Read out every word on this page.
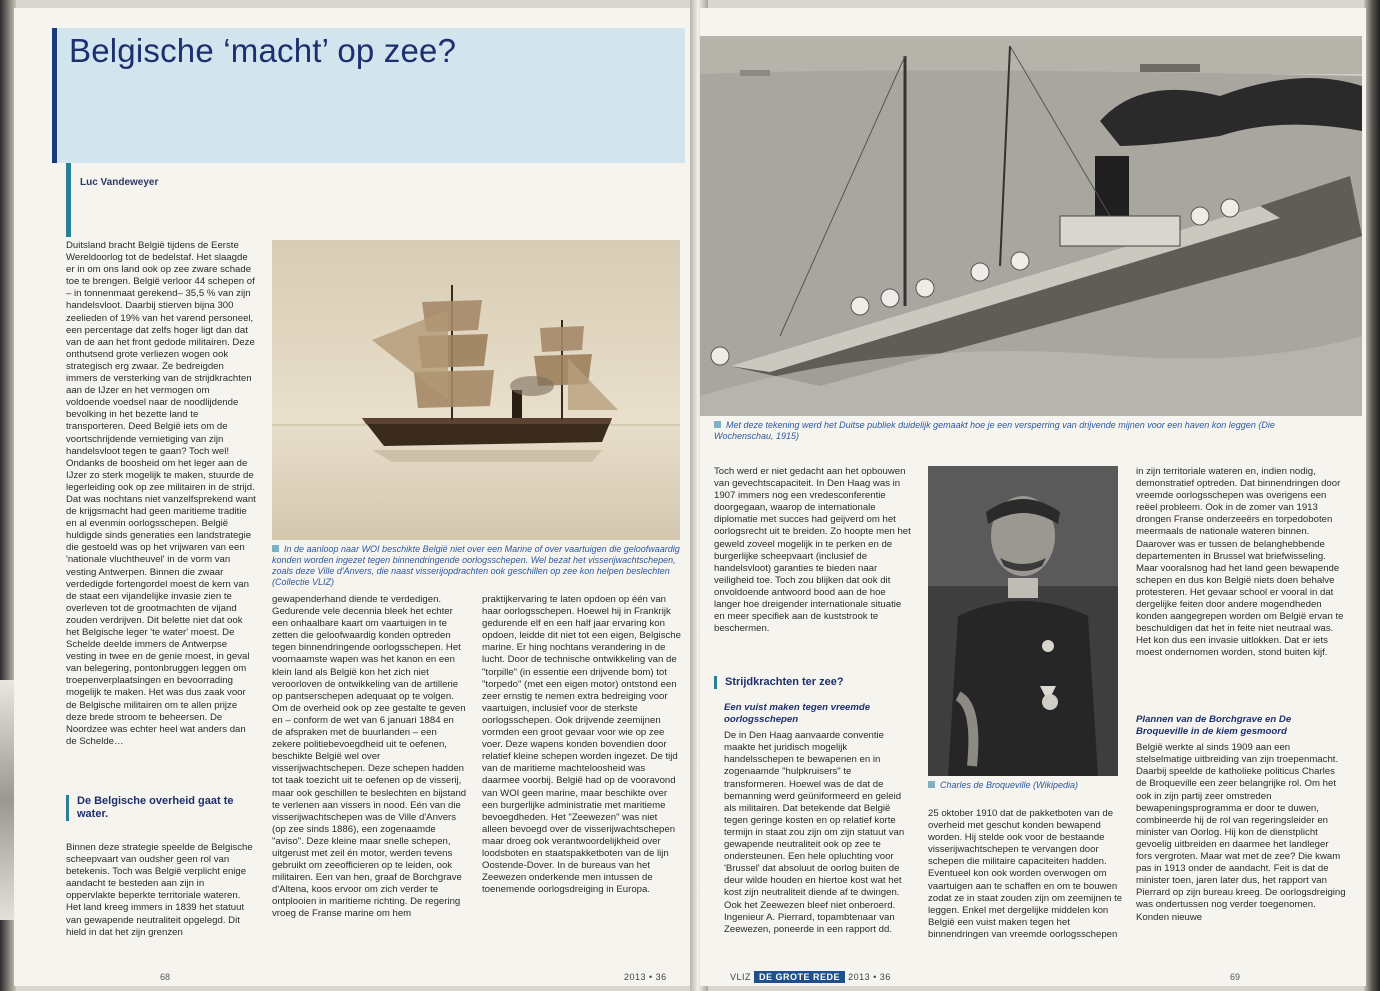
Belgische ‘macht’ op zee?
Luc Vandeweyer

Duitsland bracht België tijdens de Eerste Wereldoorlog tot de bedelstaf. Het slaagde er in om ons land ook op zee zware schade toe te brengen. België verloor 44 schepen of – in tonnenmaat gerekend– 35,5 % van zijn handelsvloot. Daarbij stierven bijna 300 zeelieden of 19% van het varend personeel, een percentage dat zelfs hoger ligt dan dat van de aan het front gedode militairen. Deze onthutsend grote verliezen wogen ook strategisch erg zwaar. Ze bedreigden immers de versterking van de strijdkrachten aan de IJzer en het vermogen om voldoende voedsel naar de noodlijdende bevolking in het bezette land te transporteren. Deed België iets om de voortschrijdende vernietiging van zijn handelsvloot tegen te gaan? Toch wel! Ondanks de boosheid om het leger aan de IJzer zo sterk mogelijk te maken, stuurde de legerleiding ook op zee militairen in de strijd. Dat was nochtans niet vanzelfsprekend want de krijgsmacht had geen maritieme traditie en al evenmin oorlogsschepen. België huldigde sinds generaties een landstrategie die gestoeld was op het vrijwaren van een 'nationale vluchtheuvel' in de vorm van vesting Antwerpen. Binnen die zwaar verdedigde fortengordel moest de kern van de staat een vijandelijke invasie zien te overleven tot de grootmachten de vijand zouden verdrijven. Dit belette niet dat ook het Belgische leger 'te water' moest. De Schelde deelde immers de Antwerpse vesting in twee en de genie moest, in geval van belegering, pontonbruggen leggen om troepenverplaatsingen en bevoorrading mogelijk te maken. Het was dus zaak voor de Belgische militairen om te allen prijze deze brede stroom te beheersen. De Noordzee was echter heel wat anders dan de Schelde…

De Belgische overheid gaat te water.

Binnen deze strategie speelde de Belgische scheepvaart van oudsher geen rol van betekenis. Toch was België verplicht enige aandacht te besteden aan zijn in oppervlakte beperkte territoriale wateren. Het land kreeg immers in 1839 het statuut van gewapende neutraliteit opgelegd. Dit hield in dat het zijn grenzen

In de aanloop naar WOI beschikte België niet over een Marine of over vaartuigen die geloofwaardig konden worden ingezet tegen binnendringende oorlogsschepen. Wel bezat het visserijwachtschepen, zoals deze Ville d'Anvers, die naast visserijopdrachten ook geschillen op zee kon helpen beslechten (Collectie VLIZ)

gewapenderhand diende te verdedigen. Gedurende vele decennia bleek het echter een onhaalbare kaart om vaartuigen in te zetten die geloofwaardig konden optreden tegen binnendringende oorlogsschepen. Het voornaamste wapen was het kanon en een klein land als België kon het zich niet veroorloven de ontwikkeling van de artillerie op pantserschepen adequaat op te volgen. Om de overheid ook op zee gestalte te geven en – conform de wet van 6 januari 1884 en de afspraken met de buurlanden – een zekere politiebevoegdheid uit te oefenen, beschikte België wel over visserijwachtschepen. Deze schepen hadden tot taak toezicht uit te oefenen op de visserij, maar ook geschillen te beslechten en bijstand te verlenen aan vissers in nood. Eén van die visserijwachtschepen was de Ville d'Anvers (op zee sinds 1886), een zogenaamde "aviso". Deze kleine maar snelle schepen, uitgerust met zeil én motor, werden tevens gebruikt om zeeofficieren op te leiden, ook militairen. Een van hen, graaf de Borchgrave d'Altena, koos ervoor om zich verder te ontplooien in maritieme richting. De regering vroeg de Franse marine om hem

praktijkervaring te laten opdoen op één van haar oorlogsschepen. Hoewel hij in Frankrijk gedurende elf en een half jaar ervaring kon opdoen, leidde dit niet tot een eigen, Belgische marine. Er hing nochtans verandering in de lucht. Door de technische ontwikkeling van de "torpille" (in essentie een drijvende bom) tot "torpedo" (met een eigen motor) ontstond een zeer ernstig te nemen extra bedreiging voor vaartuigen, inclusief voor de sterkste oorlogsschepen. Ook drijvende zeemijnen vormden een groot gevaar voor wie op zee voer. Deze wapens konden bovendien door relatief kleine schepen worden ingezet. De tijd van de maritieme machteloosheid was daarmee voorbij. België had op de vooravond van WOI geen marine, maar beschikte over een burgerlijke administratie met maritieme bevoegdheden. Het "Zeewezen" was niet alleen bevoegd over de visserijwachtschepen maar droeg ook verantwoordelijkheid over loodsboten en staatspakketboten van de lijn Oostende-Dover. In de bureaus van het Zeewezen onderkende men intussen de toenemende oorlogsdreiging in Europa.

68	2013 • 36
Met deze tekening werd het Duitse publiek duidelijk gemaakt hoe je een versperring van drijvende mijnen voor een haven kon leggen (Die Wochenschau, 1915)

Toch werd er niet gedacht aan het opbouwen van gevechtscapaciteit. In Den Haag was in 1907 immers nog een vredesconferentie doorgegaan, waarop de internationale diplomatie met succes had geijverd om het oorlogsrecht uit te breiden. Zo hoopte men het geweld zoveel mogelijk in te perken en de burgerlijke scheepvaart (inclusief de handelsvloot) garanties te bieden naar veiligheid toe. Toch zou blijken dat ook dit onvoldoende antwoord bood aan de hoe langer hoe dreigender internationale situatie en meer specifiek aan de kuststrook te beschermen.

Strijdkrachten ter zee?

Een vuist maken tegen vreemde oorlogsschepen

De in Den Haag aanvaarde conventie maakte het juridisch mogelijk handelsschepen te bewapenen en in zogenaamde "hulpkruisers" te transformeren. Hoewel was de dat de bemanning werd geüniformeerd en geleid als militairen. Dat betekende dat België tegen geringe kosten en op relatief korte termijn in staat zou zijn om zijn statuut van gewapende neutraliteit ook op zee te ondersteunen. Een hele opluchting voor 'Brussel' dat absoluut de oorlog buiten de deur wilde houden en hiertoe kost wat het kost zijn neutraliteit diende af te dwingen. Ook het Zeewezen bleef niet onberoerd. Ingenieur A. Pierrard, topambtenaar van Zeewezen, poneerde in een rapport dd.

Charles de Broqueville (Wikipedia)

25 oktober 1910 dat de pakketboten van de overheid met geschut konden bewapend worden. Hij stelde ook voor de bestaande visserijwachtschepen te vervangen door schepen die militaire capaciteiten hadden. Eventueel kon ook worden overwogen om vaartuigen aan te schaffen en om te bouwen zodat ze in staat zouden zijn om zeemijnen te leggen. Enkel met dergelijke middelen kon België een vuist maken tegen het binnendringen van vreemde oorlogsschepen

in zijn territoriale wateren en, indien nodig, demonstratief optreden. Dat binnendringen door vreemde oorlogsschepen was overigens een reëel probleem. Ook in de zomer van 1913 drongen Franse onderzeeërs en torpedoboten meermaals de nationale wateren binnen. Daarover was er tussen de belanghebbende departementen in Brussel wat briefwisseling. Maar vooralsnog had het land geen bewapende schepen en dus kon België niets doen behalve protesteren. Het gevaar school er vooral in dat dergelijke feiten door andere mogendheden konden aangegrepen worden om België ervan te beschuldigen dat het in feite niet neutraal was. Het kon dus een invasie uitlokken. Dat er iets moest ondernomen worden, stond buiten kijf.

Plannen van de Borchgrave en De Broqueville in de kiem gesmoord

België werkte al sinds 1909 aan een stelselmatige uitbreiding van zijn troepenmacht. Daarbij speelde de katholieke politicus Charles de Broqueville een zeer belangrijke rol. Om het ook in zijn partij zeer omstreden bewapeningsprogramma er door te duwen, combineerde hij de rol van regeringsleider en minister van Oorlog. Hij kon de dienstplicht gevoelig uitbreiden en daarmee het landleger fors vergroten. Maar wat met de zee? Die kwam pas in 1913 onder de aandacht. Feit is dat de minister toen, jaren later dus, het rapport van Pierrard op zijn bureau kreeg. De oorlogsdreiging was ondertussen nog verder toegenomen. Konden nieuwe

VLIZ DE GROTE REDE 2013 • 36	69
